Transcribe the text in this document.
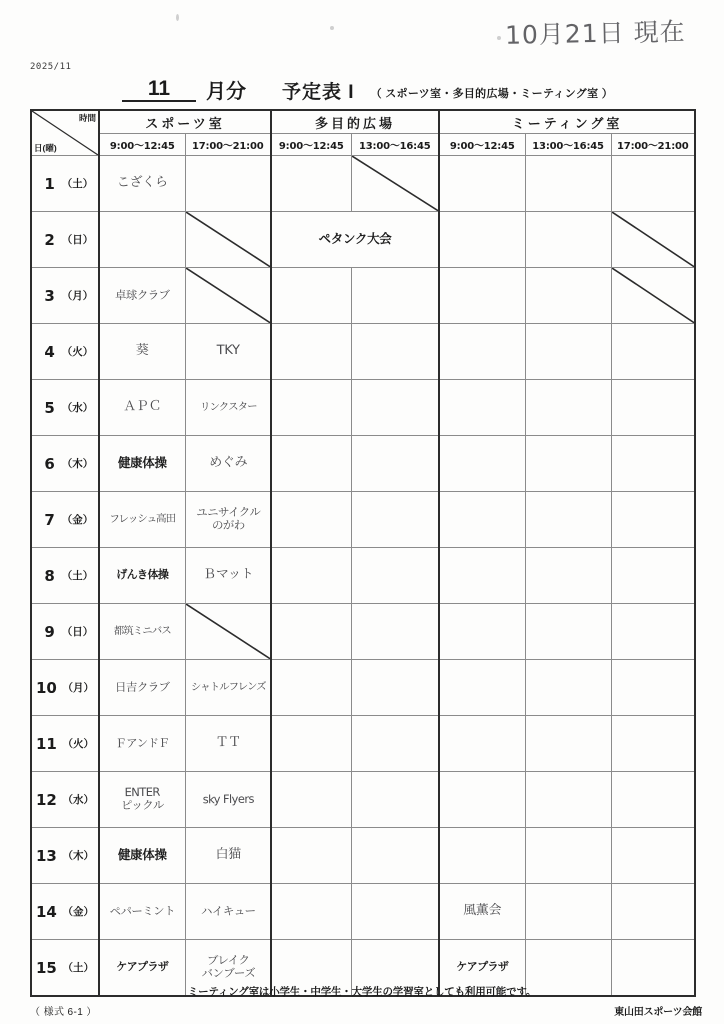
10月21日 現在
2025/11
11	月分 予定表 I （ スポーツ室・多目的広場・ミーティング室 ）
時間
日(曜)	スポーツ室		多目的広場		ミーティング室		
	9:00～12:45	17:00～21:00	9:00～12:45	13:00～16:45	9:00～12:45	13:00～16:45	17:00～21:00

1 （土）	こざくら

2 （日）			ペタンク大会

3 （月）	卓球クラブ

4 （火）	葵	TKY					

5 （水）	ＡＰＣ	リンクスター					

6 （木）	健康体操	めぐみ					

7 （金）	フレッシュ高田	ユニサイクル
のがわ					

8 （土）	げんき体操	Ｂマット					

9 （日）	都筑ミニバス

10 （月）	日吉クラブ	シャトルフレンズ					

11 （火）	ＦアンドＦ	ＴＴ					

12 （水）	ENTER
ピックル	sky Flyers					

13 （木）	健康体操	白猫					

14 （金）	ペパーミント	ハイキュー			風薫会		

15 （土）	ケアプラザ	ブレイク
バンブーズ			ケアプラザ		

ミーティング室は小学生・中学生・大学生の学習室としても利用可能です。
（ 様式 6-1 ）	東山田スポーツ会館
